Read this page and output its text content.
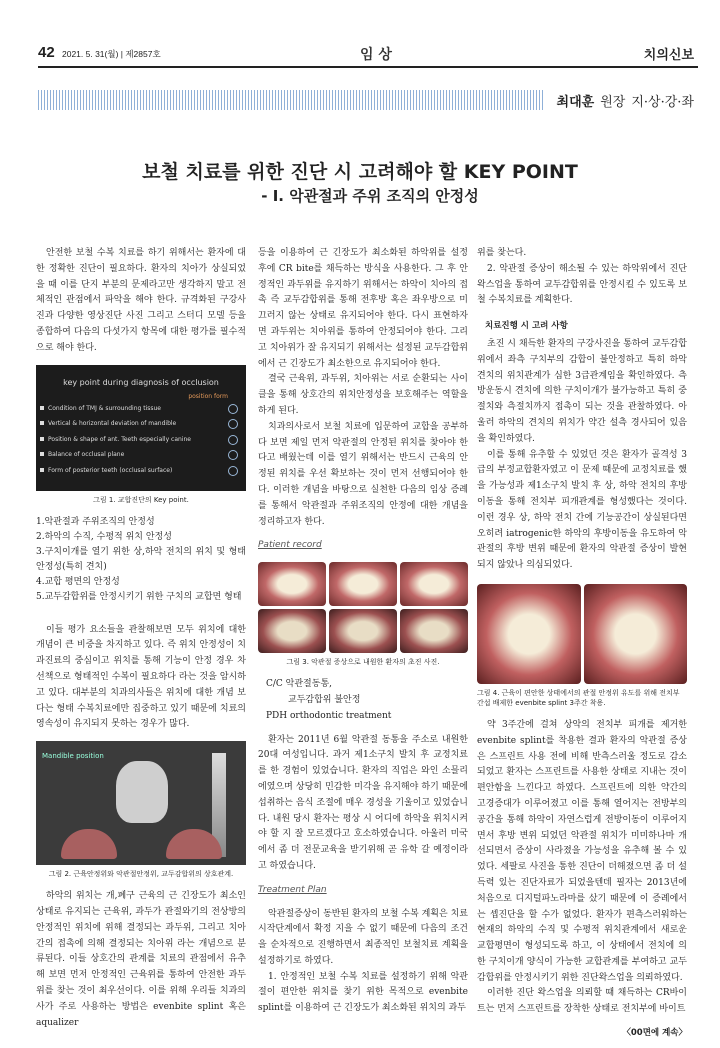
42 2021. 5. 31(월) | 제2857호	임 상	치의신보
최대훈 원장 지·상·강·좌
보철 치료를 위한 진단 시 고려해야 할 KEY POINT
- Ⅰ. 악관절과 주위 조직의 안정성

안전한 보철 수복 치료를 하기 위해서는 환자에 대한 정확한 진단이 필요하다. 환자의 치아가 상실되었을 때 이를 단지 부분의 문제라고만 생각하지 말고 전체적인 관점에서 파악을 해야 한다. 규격화된 구강사진과 다양한 영상진단 사진 그리고 스터디 모델 등을 종합하여 다음의 다섯가지 항목에 대한 평가를 필수적으로 해야 한다.

key point during diagnosis of occlusion
position form
Condition of TMJ & surrounding tissue
Vertical & horizontal deviation of mandible
Position & shape of ant. Teeth especially canine
Balance of occlusal plane
Form of posterior teeth (occlusal surface)
그림 1. 교합진단의 Key point.
1.악관절과 주위조직의 안정성
2.하악의 수직, 수평적 위치 안정성
3.구치이개를 열기 위한 상,하악 전치의 위치 및 형태 안정성(특히 견치)
4.교합 평면의 안정성
5.교두감합위를 안정시키기 위한 구치의 교합면 형태

이들 평가 요소들을 관찰해보면 모두 위치에 대한 개념이 큰 비중을 차지하고 있다. 즉 위치 안정성이 치과진료의 중심이고 위치를 통해 기능이 안정 경우 차선책으로 형태적인 수복이 필요하다 라는 것을 암시하고 있다. 대부분의 치과의사들은 위치에 대한 개념 보다는 형태 수복치료에만 집중하고 있기 때문에 치료의 영속성이 유지되지 못하는 경우가 많다.

Mandible position
그림 2. 근육안정위와 악관절안정위, 교두감합위의 상호관계.

하악의 위치는 개,폐구 근육의 근 긴장도가 최소인 상태로 유지되는 근육위, 과두가 관절와기의 전상방의 안정적인 위치에 위해 결정되는 과두위, 그리고 치아간의 접촉에 의해 결정되는 치아위 라는 개념으로 분류된다. 이들 상호간의 관계를 치료의 관점에서 유추해 보면 먼저 안정적인 근육위를 통하여 안전한 과두위를 찾는 것이 최우선이다. 이를 위해 우리들 치과의사가 주로 사용하는 방법은 evenbite splint 혹은 aqualizer

등을 이용하여 근 긴장도가 최소화된 하악위를 설정 후에 CR bite를 채득하는 방식을 사용한다. 그 후 안정적인 과두위를 유지하기 위해서는 하악이 치아의 접촉 즉 교두감합위를 통해 전후방 혹은 좌우방으로 미끄러지 않는 상태로 유지되어야 한다. 다시 표현하자면 과두위는 치아위를 통하여 안정되어야 한다. 그리고 치아위가 잘 유지되기 위해서는 설정된 교두감합위에서 근 긴장도가 최소한으로 유지되어야 한다.

결국 근육위, 과두위, 치아위는 서로 순환되는 사이클을 통해 상호간의 위치안정성을 보호해주는 역할을 하게 된다.

치과의사로서 보철 치료에 입문하여 교합을 공부하다 보면 제일 먼저 악관절의 안정된 위치를 찾아야 한다고 배웠는데 이를 열기 위해서는 반드시 근육의 안정된 위치를 우선 확보하는 것이 먼저 선행되어야 한다. 이러한 개념을 바탕으로 실천한 다음의 임상 증례를 통해서 악관절과 주위조직의 안정에 대한 개념을 정리하고자 한다.

Patient record
그림 3. 악관절 증상으로 내원한 환자의 초진 사진.
C/C 악관절동통,
교두감합위 불안정
PDH orthodontic treatment

환자는 2011년 6월 악관절 동통을 주소로 내원한 20대 여성입니다. 과거 제1소구치 발치 후 교정치료를 한 경험이 있었습니다. 환자의 직업은 와인 소믈리에였으며 상당히 민감한 미각을 유지해야 하기 때문에 섭취하는 음식 조절에 매우 경성을 기울이고 있었습니다. 내원 당시 환자는 평상 시 어디에 하악을 위치시켜야 할 지 잘 모르겠다고 호소하였습니다. 아울러 미국에서 좀 더 전문교육을 받기위해 곧 유학 갈 예정이라고 하였습니다.

Treatment Plan

악관절증상이 동반된 환자의 보철 수복 계획은 치료 시작단계에서 확정 지을 수 없기 때문에 다음의 조건을 순차적으로 진행하면서 최종적인 보철치료 계획을 설정하기로 하였다.

1. 안정적인 보철 수복 치료를 설정하기 위해 악관절이 편안한 위치를 찾기 위한 목적으로 evenbite splint를 이용하여 근 긴장도가 최소화된 위치의 과두

위를 찾는다.

2. 악관절 증상이 해소될 수 있는 하악위에서 진단 왁스업을 통하여 교두감합위를 안정시킬 수 있도록 보철 수복치료를 계획한다.

치료진행 시 고려 사항

초진 시 채득한 환자의 구강사진을 통하여 교두감합위에서 좌측 구치부의 감합이 불안정하고 특히 하악 견치의 위치관계가 심한 3급관계임을 확인하였다. 측방운동시 견치에 의한 구치이개가 불가능하고 특히 중절치와 측절치까지 접촉이 되는 것을 관찰하였다. 아울러 하악의 견치의 위치가 약간 설측 경사되어 있음을 확인하였다.

이를 통해 유추할 수 있었던 것은 환자가 골격성 3급의 부정교합환자였고 이 문제 때문에 교정치료를 했을 가능성과 제1소구치 발치 후 상, 하악 전치의 후방이동을 통해 전치부 피개관계를 형성했다는 것이다. 이런 경우 상, 하악 전치 간에 기능공간이 상실된다면 오히려 iatrogenic한 하악의 후방이동을 유도하여 악관절의 후방 변위 때문에 환자의 악관절 증상이 발현되지 않았나 의심되었다.

그림 4. 근육이 편안한 상태에서의 관절 안정위 유도를 위해 전치부 간섭 배제한 evenbite splint 3주간 착용.

약 3주간에 걸쳐 상악의 전치부 피개를 제거한 evenbite splint를 착용한 결과 환자의 악관절 증상은 스프린트 사용 전에 비해 반측스러울 정도로 감소되었고 환자는 스프린트를 사용한 상태로 지내는 것이 편안함을 느낀다고 하였다. 스프린트에 의한 약간의 고경증대가 이루어졌고 이를 통해 열어지는 전방부의 공간을 통해 하악이 자연스럽게 전방이동이 이루어지면서 후방 변위 되었던 악관절 위치가 미미하나마 개선되면서 증상이 사라졌을 가능성을 유추해 볼 수 있었다. 세팔로 사진을 통한 진단이 더해졌으면 좀 더 설득력 있는 진단자료가 되었을텐데 필자는 2013년에 처음으로 디지털파노라마를 샀기 때문에 이 증례에서는 셉진단을 할 수가 없었다. 환자가 편측스러워하는 현재의 하악의 수직 및 수평적 위치관계에서 새로운 교합평면이 형성되도록 하고, 이 상태에서 전치에 의한 구치이개 양식이 가능한 교합관계를 부여하고 교두감합위를 안정시키기 위한 진단왁스업을 의뢰하였다.

이러한 진단 왁스업을 의뢰할 때 채득하는 CR바이트는 먼저 스프린트를 장착한 상태로 전치부에 바이트

〈00면에 계속〉
